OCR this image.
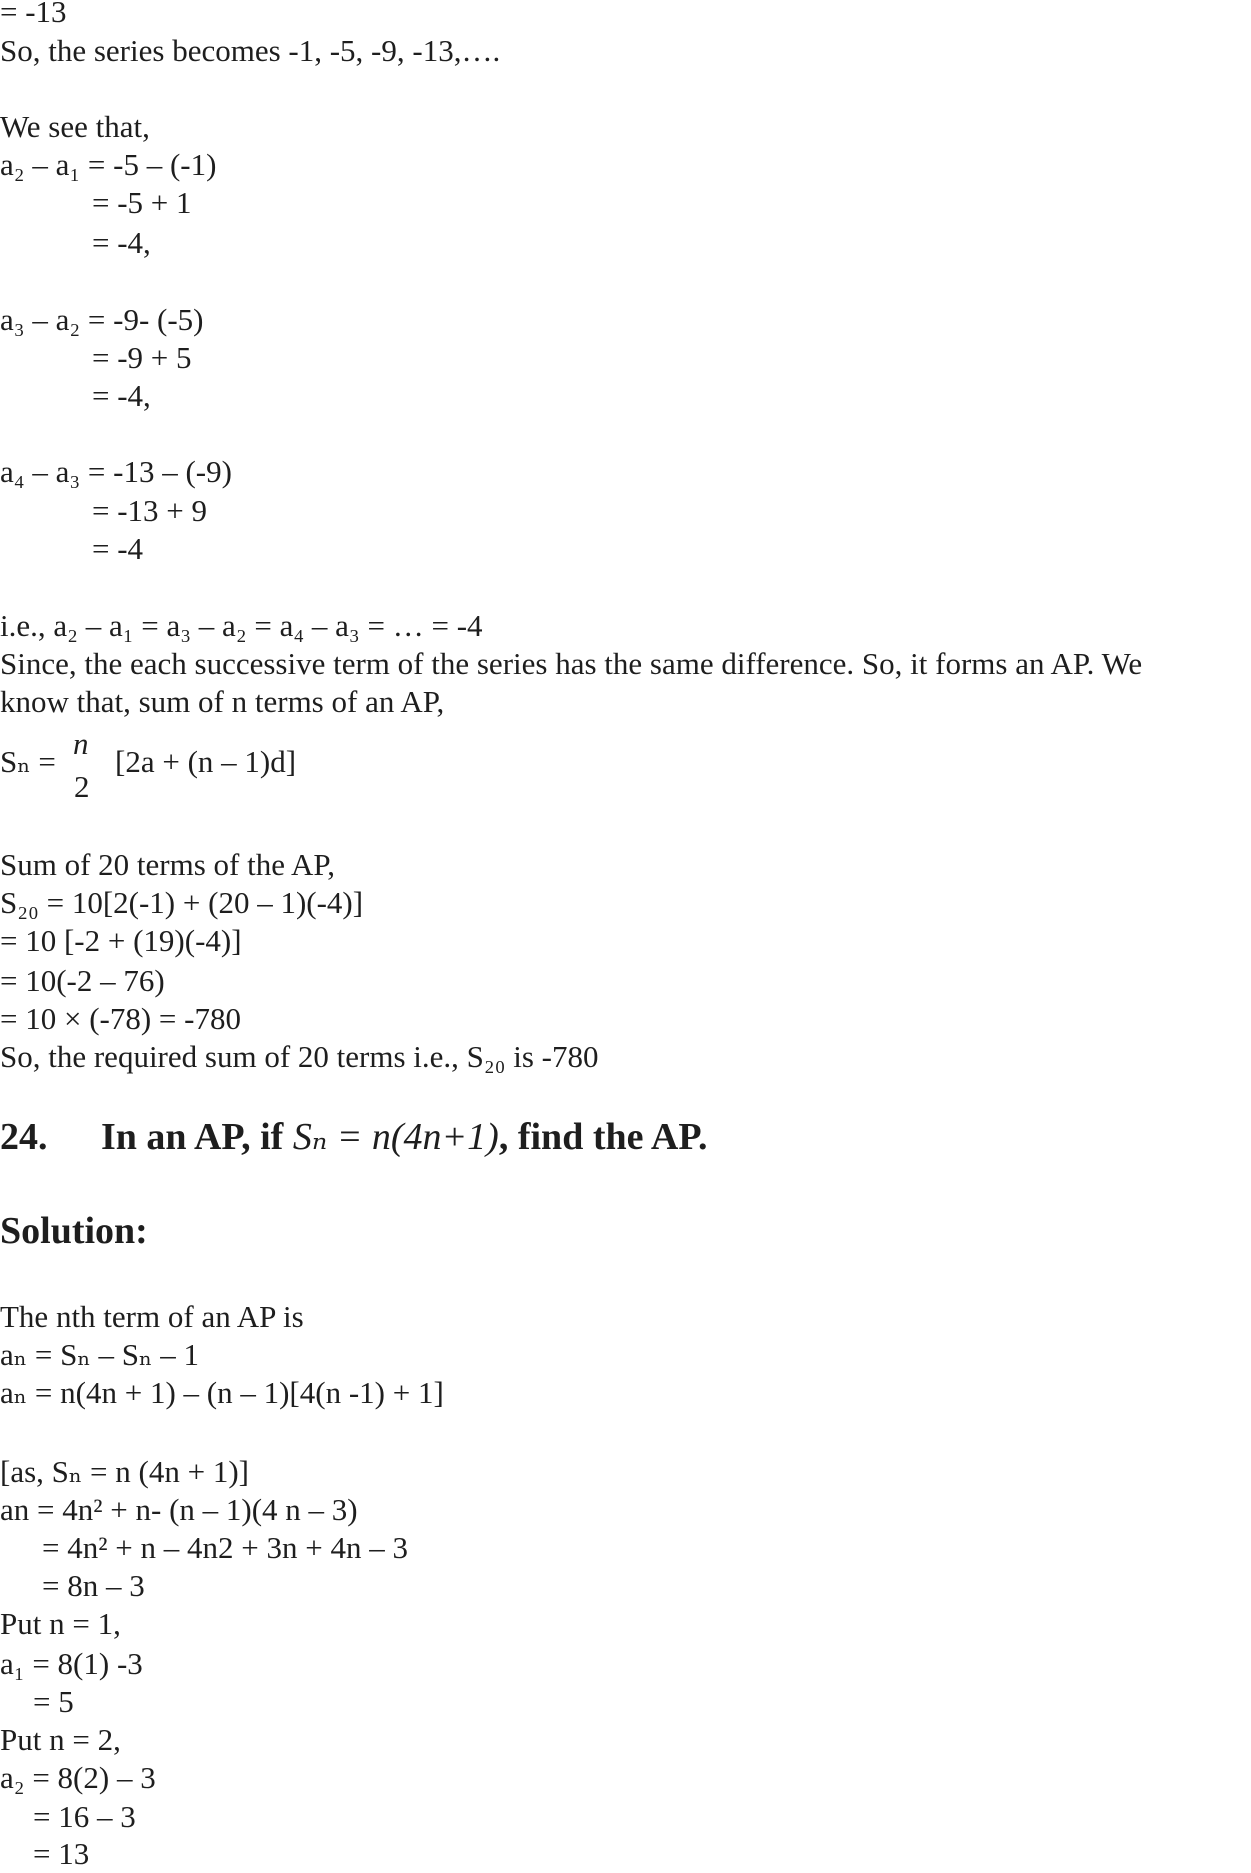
= -13
So, the series becomes -1, -5, -9, -13,….
We see that,
a₂ – a₁ = -5 – (-1)
= -5 + 1
= -4,
a₃ – a₂ = -9- (-5)
= -9 + 5
= -4,
a₄ – a₃ = -13 – (-9)
= -13 + 9
= -4
i.e., a₂ – a₁ = a₃ – a₂ = a₄ – a₃ = … = -4
Since, the each successive term of the series has the same difference. So, it forms an AP. We
know that, sum of n terms of an AP,
Sₙ =
n
2
[2a + (n – 1)d]
Sum of 20 terms of the AP,
S₂₀ = 10[2(-1) + (20 – 1)(-4)]
= 10 [-2 + (19)(-4)]
= 10(-2 – 76)
= 10 × (-78) = -780
So, the required sum of 20 terms i.e., S₂₀ is -780
24. In an AP, if Sₙ = n(4n+1), find the AP.
Solution:
The nth term of an AP is
aₙ = Sₙ – Sₙ – 1
aₙ = n(4n + 1) – (n – 1)[4(n -1) + 1]
[as, Sₙ = n (4n + 1)]
an = 4n² + n- (n – 1)(4 n – 3)
= 4n² + n – 4n2 + 3n + 4n – 3
= 8n – 3
Put n = 1,
a₁ = 8(1) -3
= 5
Put n = 2,
a₂ = 8(2) – 3
= 16 – 3
= 13
